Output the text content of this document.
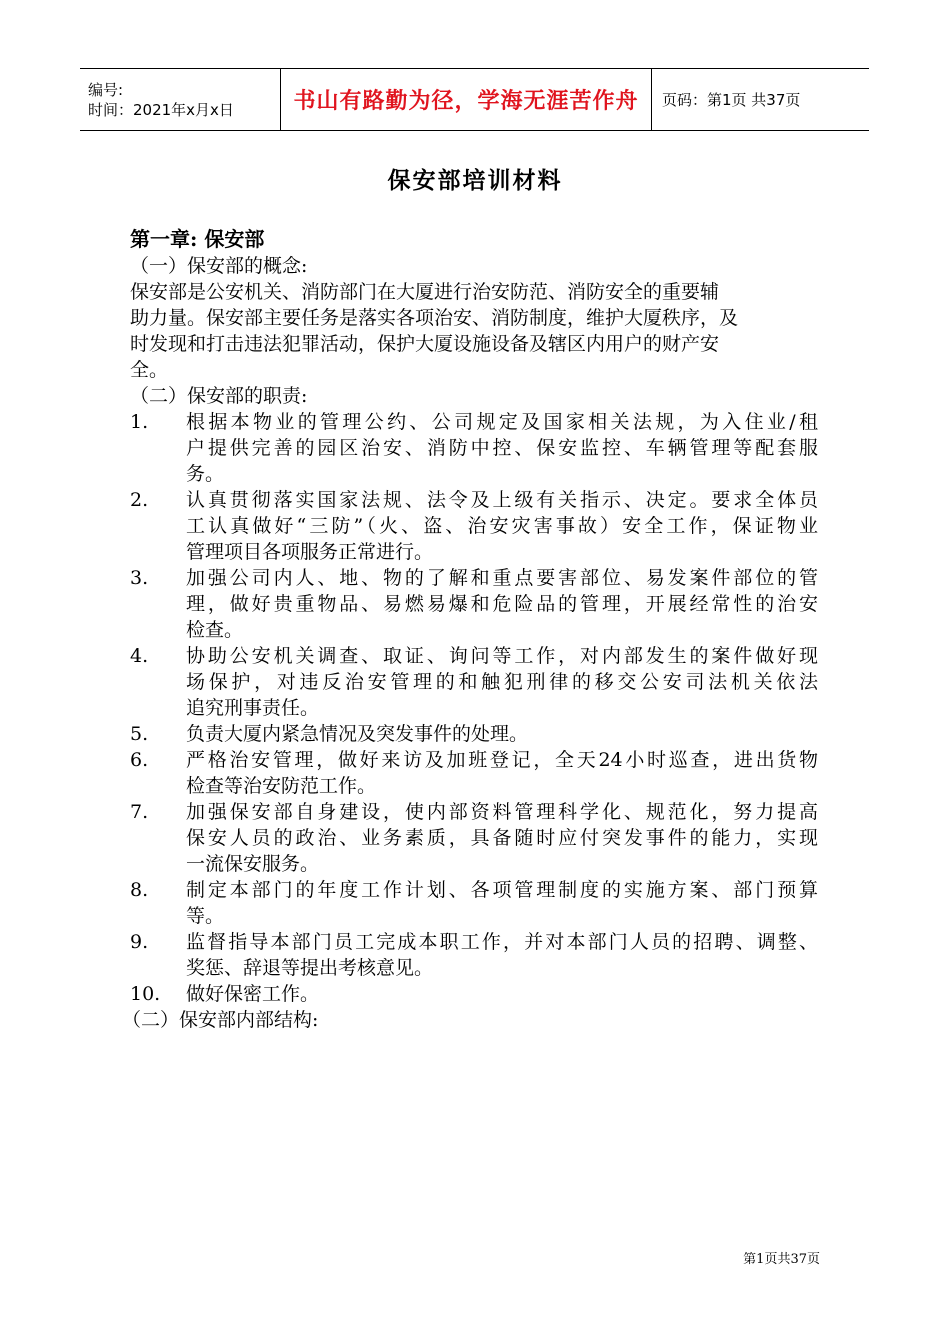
编号:
时间：2021年x月x日	书山有路勤为径，学海无涯苦作舟	页码：第1页 共37页
保安部培训材料
第一章: 保安部
（一）保安部的概念:
保安部是公安机关、消防部门在大厦进行治安防范、消防安全的重要辅
助力量。保安部主要任务是落实各项治安、消防制度，维护大厦秩序，及
时发现和打击违法犯罪活动，保护大厦设施设备及辖区内用户的财产安
全。
（二）保安部的职责:
1.	根据本物业的管理公约、公司规定及国家相关法规，为入住业/租
户提供完善的园区治安、消防中控、保安监控、车辆管理等配套服
务。
2.	认真贯彻落实国家法规、法令及上级有关指示、决定。要求全体员
工认真做好“三防”（火、盗、治安灾害事故）安全工作，保证物业
管理项目各项服务正常进行。
3.	加强公司内人、地、物的了解和重点要害部位、易发案件部位的管
理，做好贵重物品、易燃易爆和危险品的管理，开展经常性的治安
检查。
4.	协助公安机关调查、取证、询问等工作，对内部发生的案件做好现
场保护，对违反治安管理的和触犯刑律的移交公安司法机关依法
追究刑事责任。
5.	负责大厦内紧急情况及突发事件的处理。
6.	严格治安管理，做好来访及加班登记，全天24小时巡查，进出货物
检查等治安防范工作。
7.	加强保安部自身建设，使内部资料管理科学化、规范化，努力提高
保安人员的政治、业务素质，具备随时应付突发事件的能力，实现
一流保安服务。
8.	制定本部门的年度工作计划、各项管理制度的实施方案、部门预算
等。
9.	监督指导本部门员工完成本职工作，并对本部门人员的招聘、调整、
奖惩、辞退等提出考核意见。
10.	做好保密工作。
（二）保安部内部结构:
第1页共37页
